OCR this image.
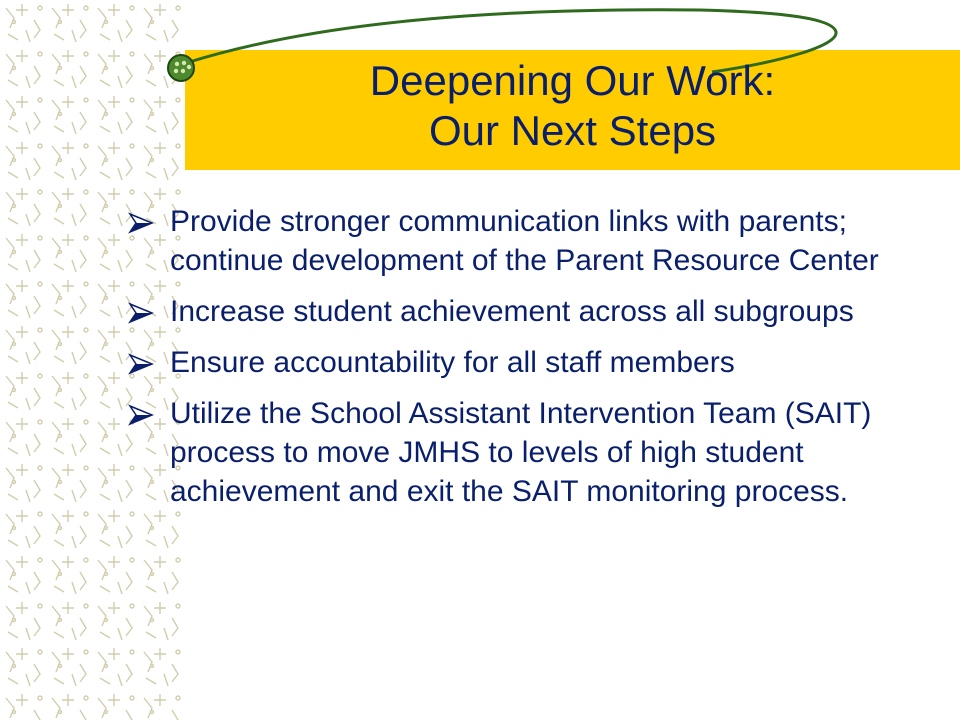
Deepening Our Work:
Our Next Steps
Provide stronger communication links with parents; continue development of the Parent Resource Center
Increase student achievement across all subgroups
Ensure accountability for all staff members
Utilize the School Assistant Intervention Team (SAIT) process to move JMHS to levels of high student achievement and exit the SAIT monitoring process.
